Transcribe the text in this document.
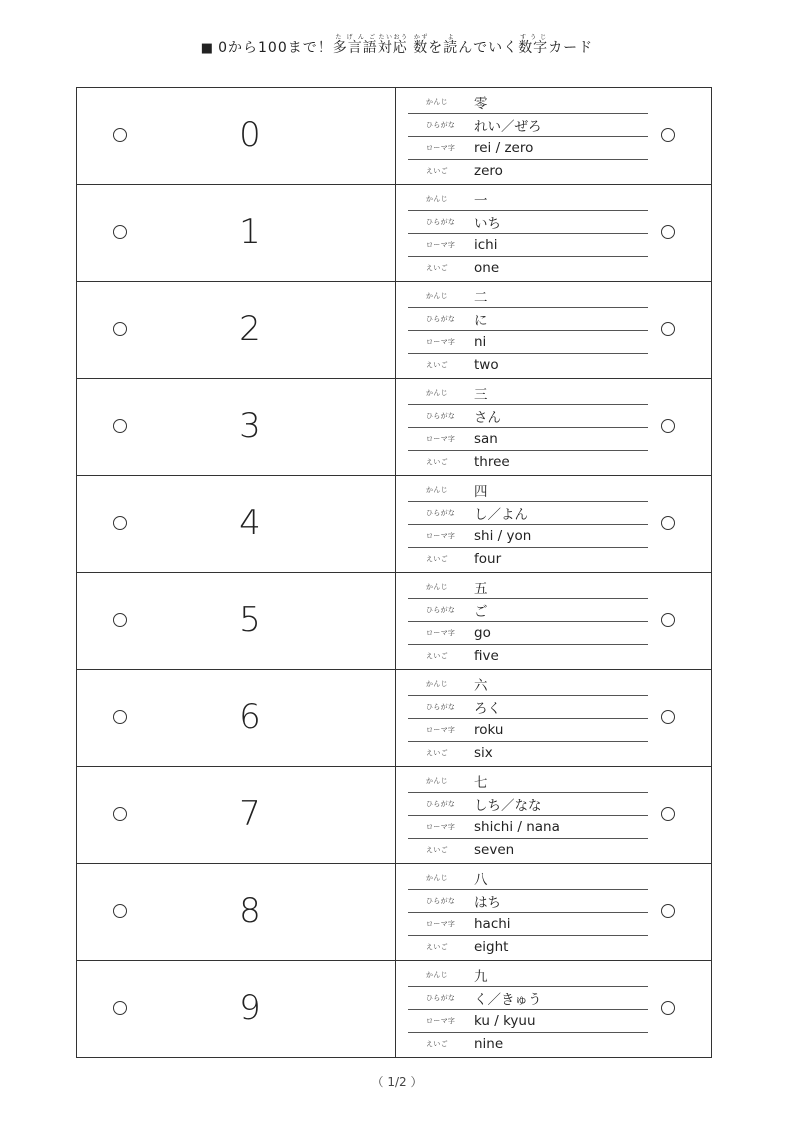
■ 0から100まで！多言語たげんご対応たいおう 数かずを読よんでいく数字すうじカード
0
かんじ	零
ひらがな	れい／ぜろ
ローマ字	rei / zero
えいご	zero
1
かんじ	一
ひらがな	いち
ローマ字	ichi
えいご	one
2
かんじ	二
ひらがな	に
ローマ字	ni
えいご	two
3
かんじ	三
ひらがな	さん
ローマ字	san
えいご	three
4
かんじ	四
ひらがな	し／よん
ローマ字	shi / yon
えいご	four
5
かんじ	五
ひらがな	ご
ローマ字	go
えいご	five
6
かんじ	六
ひらがな	ろく
ローマ字	roku
えいご	six
7
かんじ	七
ひらがな	しち／なな
ローマ字	shichi / nana
えいご	seven
8
かんじ	八
ひらがな	はち
ローマ字	hachi
えいご	eight
9
かんじ	九
ひらがな	く／きゅう
ローマ字	ku / kyuu
えいご	nine
（ 1/2 ）
